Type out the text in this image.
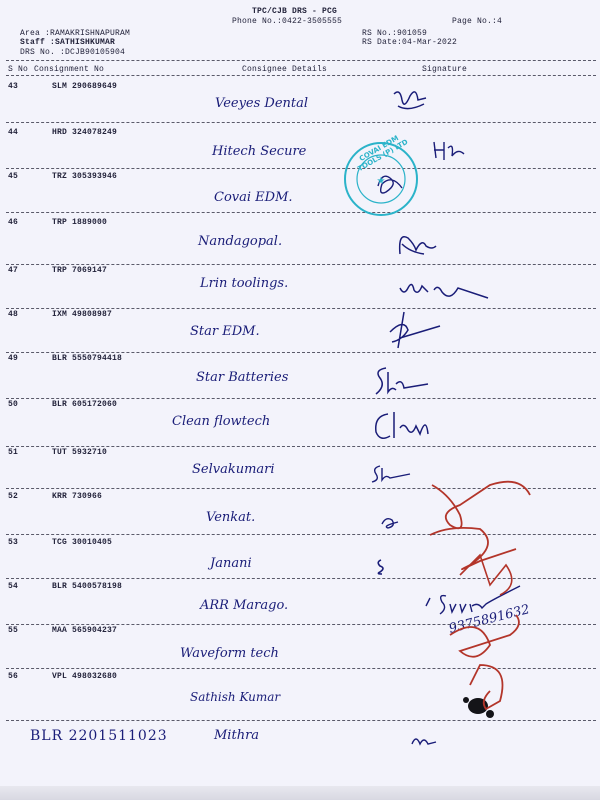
TPC/CJB DRS - PCG
Phone No.:0422-3505555	Page No.:4
Area :RAMAKRISHNAPURAM
Staff :SATHISHKUMAR
DRS No. :DCJB90105904
RS No.:901059
RS Date:04-Mar-2022
S No Consignment No	Consignee Details	Signature
43	SLM 290689649
Veeyes Dental
44	HRD 324078249
Hitech Secure
45	TRZ 305393946
Covai EDM.
★
COVAI EDM TOOLS (P) LTD
46	TRP 1889000
Nandagopal.
47	TRP 7069147
Lrin toolings.
48	IXM 49808987
Star EDM.
49	BLR 5550794418
Star Batteries
50	BLR 605172060
Clean flowtech
51	TUT 5932710
Selvakumari
52	KRR 730966
Venkat.
53	TCG 30010405
Janani
54	BLR 5400578198
ARR Marago.	9375891632
55	MAA 565904237
Waveform tech
56	VPL 498032680
Sathish Kumar
BLR 2201511023	Mithra
